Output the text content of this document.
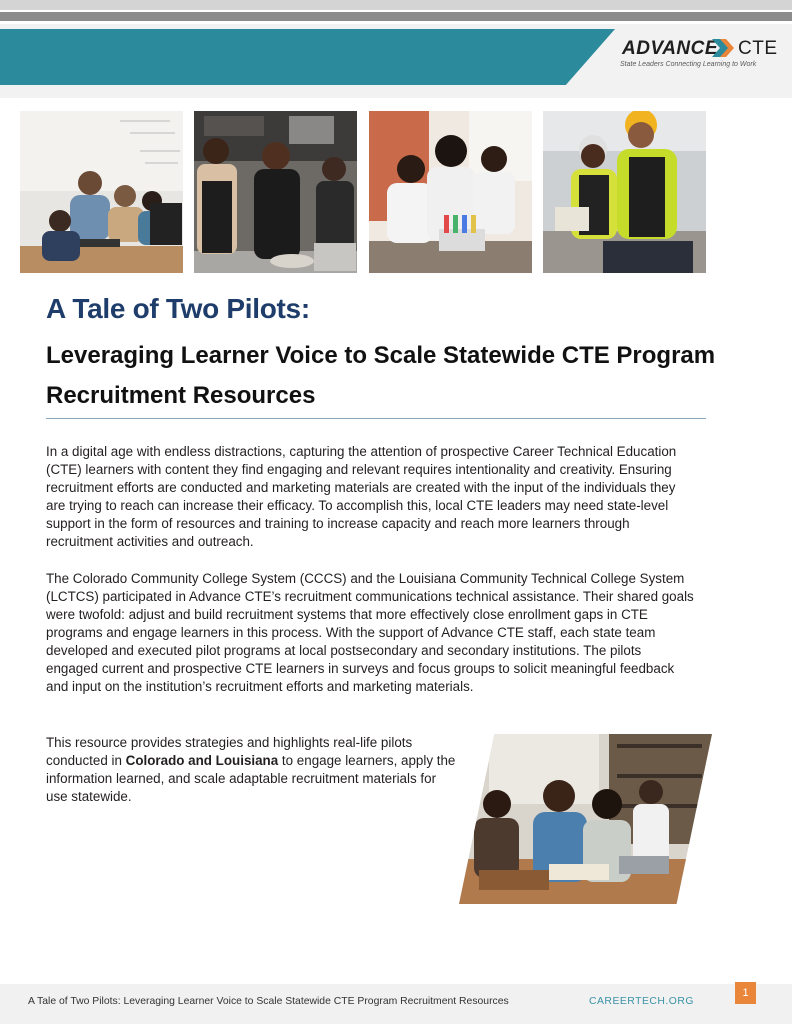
ADVANCE CTE
State Leaders Connecting Learning to Work
A Tale of Two Pilots:
Leveraging Learner Voice to Scale Statewide CTE Program Recruitment Resources

In a digital age with endless distractions, capturing the attention of prospective Career Technical Education (CTE) learners with content they find engaging and relevant requires intentionality and creativity. Ensuring recruitment efforts are conducted and marketing materials are created with the input of the individuals they are trying to reach can increase their efficacy. To accomplish this, local CTE leaders may need state-level support in the form of resources and training to increase capacity and reach more learners through recruitment activities and outreach.

The Colorado Community College System (CCCS) and the Louisiana Community Technical College System (LCTCS) participated in Advance CTE’s recruitment communications technical assistance. Their shared goals were twofold: adjust and build recruitment systems that more effectively close enrollment gaps in CTE programs and engage learners in this process. With the support of Advance CTE staff, each state team developed and executed pilot programs at local postsecondary and secondary institutions. The pilots engaged current and prospective CTE learners in surveys and focus groups to solicit meaningful feedback and input on the institution’s recruitment efforts and marketing materials.

This resource provides strategies and highlights real-life pilots conducted in Colorado and Louisiana to engage learners, apply the information learned, and scale adaptable recruitment materials for use statewide.

A Tale of Two Pilots: Leveraging Learner Voice to Scale Statewide CTE Program Recruitment Resources	CAREERTECH.ORG
1
